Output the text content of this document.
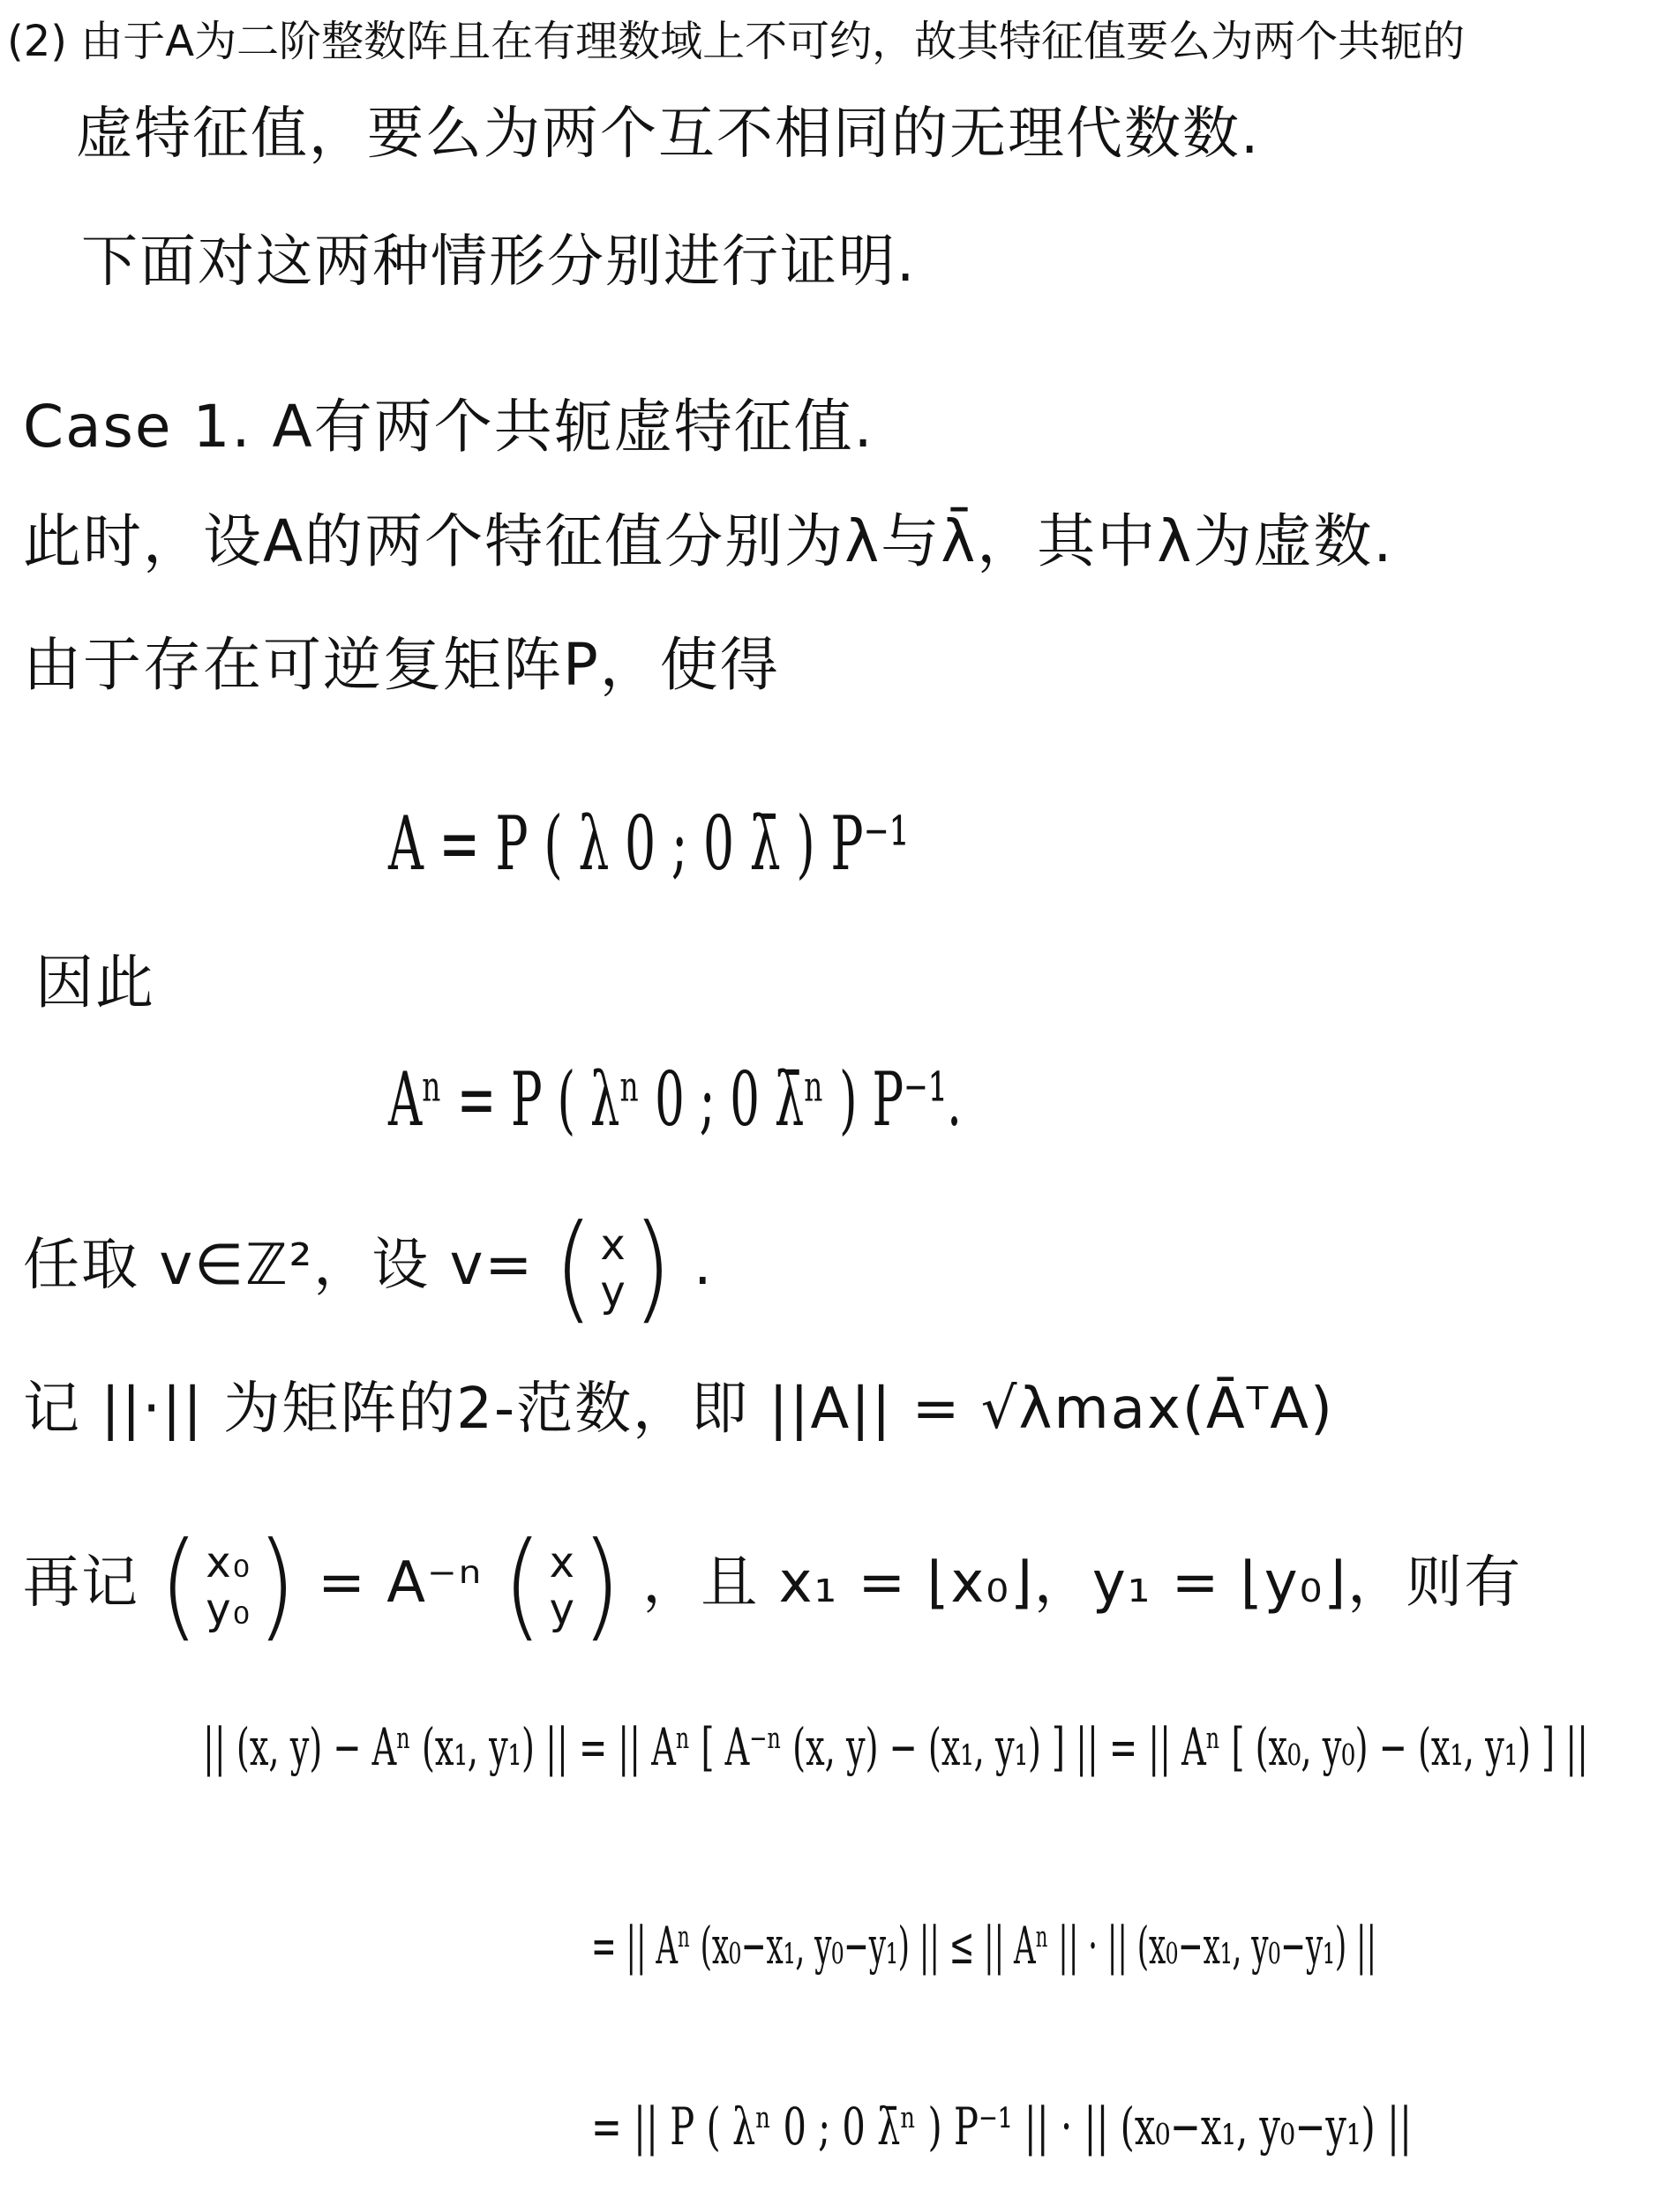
(2) 由于A为二阶整数阵且在有理数域上不可约，故其特征值要么为两个共轭的
虚特征值，要么为两个互不相同的无理代数数.
下面对这两种情形分别进行证明.
Case 1. A有两个共轭虚特征值.
此时，设A的两个特征值分别为λ与λ̄，其中λ为虚数.
由于存在可逆复矩阵P，使得
A = P ( λ 0 ; 0 λ̄ ) P⁻¹
因此
Aⁿ = P ( λⁿ 0 ; 0 λ̄ⁿ ) P⁻¹.
任取 v∈ℤ²，设 v= ( x
y ) .
记 ||·|| 为矩阵的2-范数，即 ||A|| = √λmax(ĀᵀA)
再记 ( x₀
y₀ ) = A⁻ⁿ ( x
y ) ，且 x₁ = ⌊x₀⌋，y₁ = ⌊y₀⌋，则有
|| (x, y) − Aⁿ (x₁, y₁) || = || Aⁿ [ A⁻ⁿ (x, y) − (x₁, y₁) ] || = || Aⁿ [ (x₀, y₀) − (x₁, y₁) ] ||
= || Aⁿ (x₀−x₁, y₀−y₁) || ≤ || Aⁿ || · || (x₀−x₁, y₀−y₁) ||
= || P ( λⁿ 0 ; 0 λ̄ⁿ ) P⁻¹ || · || (x₀−x₁, y₀−y₁) ||
